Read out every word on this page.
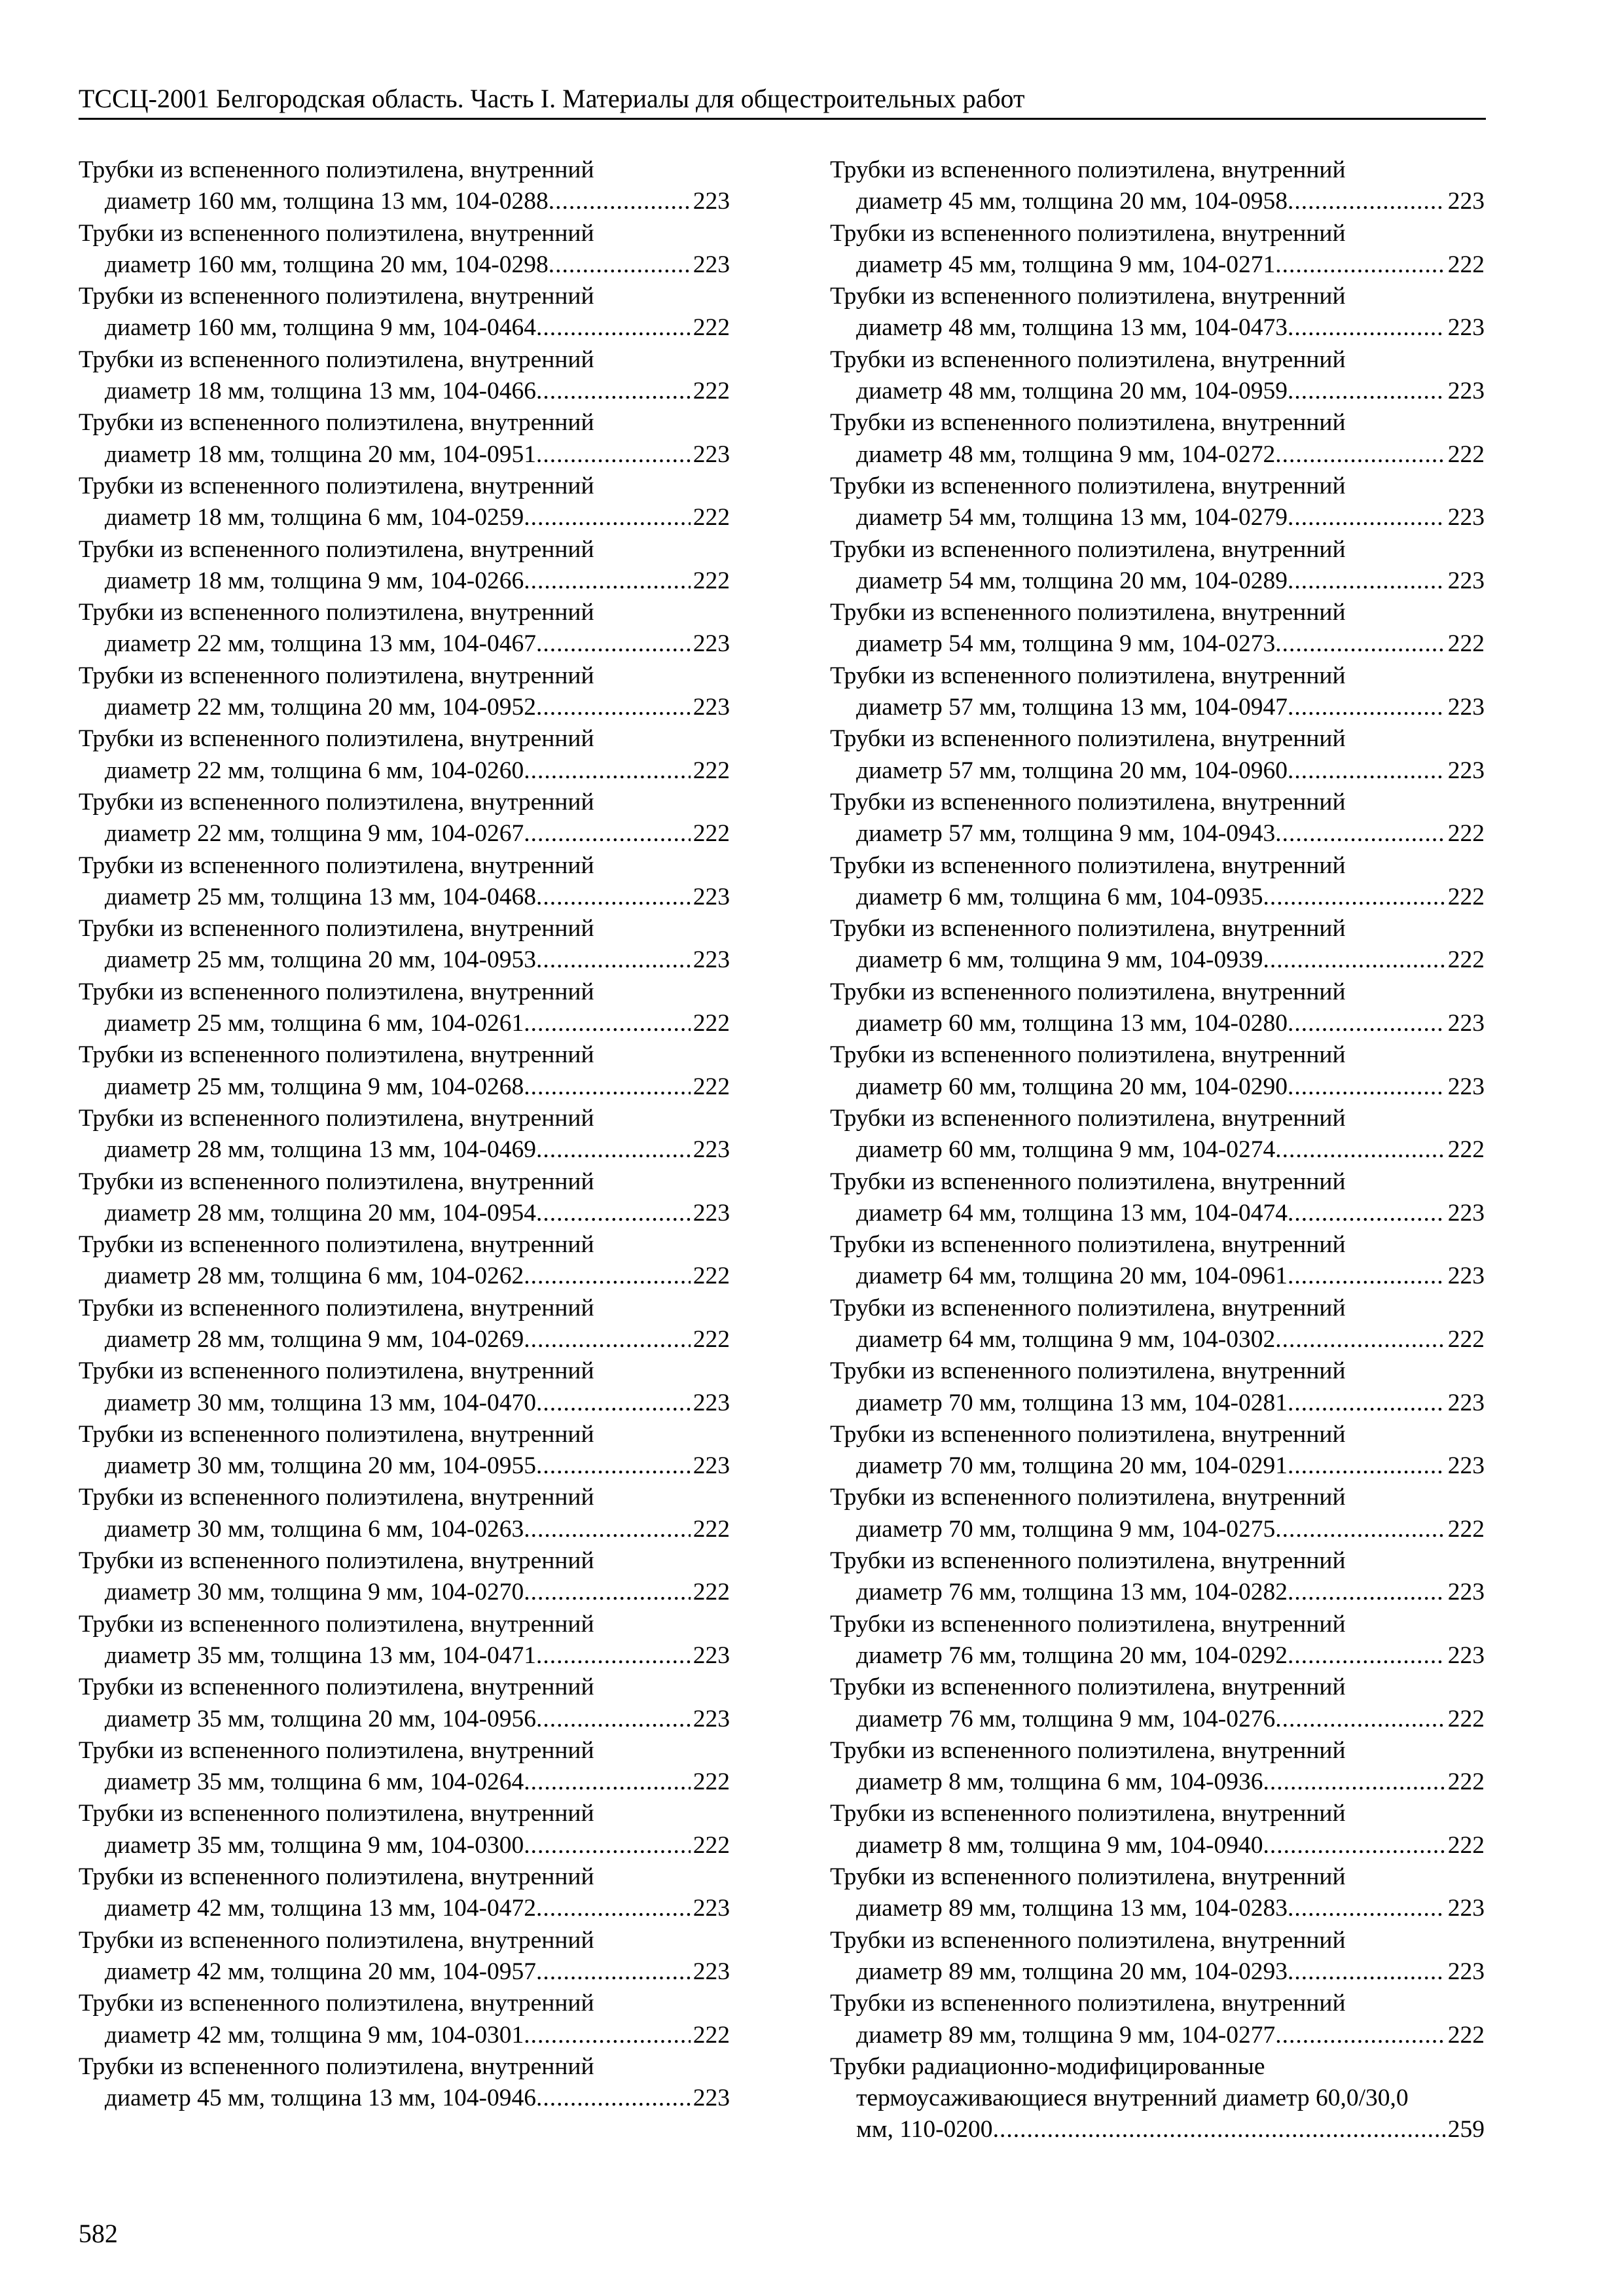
ТССЦ-2001 Белгородская область. Часть I. Материалы для общестроительных работ
Трубки из вспененного полиэтилена, внутренний
диаметр 160 мм, толщина 13 мм, 104-0288 .....	223
Трубки из вспененного полиэтилена, внутренний
диаметр 160 мм, толщина 20 мм, 104-0298 .....	223
Трубки из вспененного полиэтилена, внутренний
диаметр 160 мм, толщина 9 мм, 104-0464 .....	222
Трубки из вспененного полиэтилена, внутренний
диаметр 18 мм, толщина 13 мм, 104-0466 .....	222
Трубки из вспененного полиэтилена, внутренний
диаметр 18 мм, толщина 20 мм, 104-0951 .....	223
Трубки из вспененного полиэтилена, внутренний
диаметр 18 мм, толщина 6 мм, 104-0259 .....	222
Трубки из вспененного полиэтилена, внутренний
диаметр 18 мм, толщина 9 мм, 104-0266 .....	222
Трубки из вспененного полиэтилена, внутренний
диаметр 22 мм, толщина 13 мм, 104-0467 .....	223
Трубки из вспененного полиэтилена, внутренний
диаметр 22 мм, толщина 20 мм, 104-0952 .....	223
Трубки из вспененного полиэтилена, внутренний
диаметр 22 мм, толщина 6 мм, 104-0260 .....	222
Трубки из вспененного полиэтилена, внутренний
диаметр 22 мм, толщина 9 мм, 104-0267 .....	222
Трубки из вспененного полиэтилена, внутренний
диаметр 25 мм, толщина 13 мм, 104-0468 .....	223
Трубки из вспененного полиэтилена, внутренний
диаметр 25 мм, толщина 20 мм, 104-0953 .....	223
Трубки из вспененного полиэтилена, внутренний
диаметр 25 мм, толщина 6 мм, 104-0261 .....	222
Трубки из вспененного полиэтилена, внутренний
диаметр 25 мм, толщина 9 мм, 104-0268 .....	222
Трубки из вспененного полиэтилена, внутренний
диаметр 28 мм, толщина 13 мм, 104-0469 .....	223
Трубки из вспененного полиэтилена, внутренний
диаметр 28 мм, толщина 20 мм, 104-0954 .....	223
Трубки из вспененного полиэтилена, внутренний
диаметр 28 мм, толщина 6 мм, 104-0262 .....	222
Трубки из вспененного полиэтилена, внутренний
диаметр 28 мм, толщина 9 мм, 104-0269 .....	222
Трубки из вспененного полиэтилена, внутренний
диаметр 30 мм, толщина 13 мм, 104-0470 .....	223
Трубки из вспененного полиэтилена, внутренний
диаметр 30 мм, толщина 20 мм, 104-0955 .....	223
Трубки из вспененного полиэтилена, внутренний
диаметр 30 мм, толщина 6 мм, 104-0263 .....	222
Трубки из вспененного полиэтилена, внутренний
диаметр 30 мм, толщина 9 мм, 104-0270 .....	222
Трубки из вспененного полиэтилена, внутренний
диаметр 35 мм, толщина 13 мм, 104-0471 .....	223
Трубки из вспененного полиэтилена, внутренний
диаметр 35 мм, толщина 20 мм, 104-0956 .....	223
Трубки из вспененного полиэтилена, внутренний
диаметр 35 мм, толщина 6 мм, 104-0264 .....	222
Трубки из вспененного полиэтилена, внутренний
диаметр 35 мм, толщина 9 мм, 104-0300 .....	222
Трубки из вспененного полиэтилена, внутренний
диаметр 42 мм, толщина 13 мм, 104-0472 .....	223
Трубки из вспененного полиэтилена, внутренний
диаметр 42 мм, толщина 20 мм, 104-0957 .....	223
Трубки из вспененного полиэтилена, внутренний
диаметр 42 мм, толщина 9 мм, 104-0301 .....	222
Трубки из вспененного полиэтилена, внутренний
диаметр 45 мм, толщина 13 мм, 104-0946 .....	223
Трубки из вспененного полиэтилена, внутренний
диаметр 45 мм, толщина 20 мм, 104-0958 .....	223
Трубки из вспененного полиэтилена, внутренний
диаметр 45 мм, толщина 9 мм, 104-0271 .....	222
Трубки из вспененного полиэтилена, внутренний
диаметр 48 мм, толщина 13 мм, 104-0473 .....	223
Трубки из вспененного полиэтилена, внутренний
диаметр 48 мм, толщина 20 мм, 104-0959 .....	223
Трубки из вспененного полиэтилена, внутренний
диаметр 48 мм, толщина 9 мм, 104-0272 .....	222
Трубки из вспененного полиэтилена, внутренний
диаметр 54 мм, толщина 13 мм, 104-0279 .....	223
Трубки из вспененного полиэтилена, внутренний
диаметр 54 мм, толщина 20 мм, 104-0289 .....	223
Трубки из вспененного полиэтилена, внутренний
диаметр 54 мм, толщина 9 мм, 104-0273 .....	222
Трубки из вспененного полиэтилена, внутренний
диаметр 57 мм, толщина 13 мм, 104-0947 .....	223
Трубки из вспененного полиэтилена, внутренний
диаметр 57 мм, толщина 20 мм, 104-0960 .....	223
Трубки из вспененного полиэтилена, внутренний
диаметр 57 мм, толщина 9 мм, 104-0943 .....	222
Трубки из вспененного полиэтилена, внутренний
диаметр 6 мм, толщина 6 мм, 104-0935 .....	222
Трубки из вспененного полиэтилена, внутренний
диаметр 6 мм, толщина 9 мм, 104-0939 .....	222
Трубки из вспененного полиэтилена, внутренний
диаметр 60 мм, толщина 13 мм, 104-0280 .....	223
Трубки из вспененного полиэтилена, внутренний
диаметр 60 мм, толщина 20 мм, 104-0290 .....	223
Трубки из вспененного полиэтилена, внутренний
диаметр 60 мм, толщина 9 мм, 104-0274 .....	222
Трубки из вспененного полиэтилена, внутренний
диаметр 64 мм, толщина 13 мм, 104-0474 .....	223
Трубки из вспененного полиэтилена, внутренний
диаметр 64 мм, толщина 20 мм, 104-0961 .....	223
Трубки из вспененного полиэтилена, внутренний
диаметр 64 мм, толщина 9 мм, 104-0302 .....	222
Трубки из вспененного полиэтилена, внутренний
диаметр 70 мм, толщина 13 мм, 104-0281 .....	223
Трубки из вспененного полиэтилена, внутренний
диаметр 70 мм, толщина 20 мм, 104-0291 .....	223
Трубки из вспененного полиэтилена, внутренний
диаметр 70 мм, толщина 9 мм, 104-0275 .....	222
Трубки из вспененного полиэтилена, внутренний
диаметр 76 мм, толщина 13 мм, 104-0282 .....	223
Трубки из вспененного полиэтилена, внутренний
диаметр 76 мм, толщина 20 мм, 104-0292 .....	223
Трубки из вспененного полиэтилена, внутренний
диаметр 76 мм, толщина 9 мм, 104-0276 .....	222
Трубки из вспененного полиэтилена, внутренний
диаметр 8 мм, толщина 6 мм, 104-0936 .....	222
Трубки из вспененного полиэтилена, внутренний
диаметр 8 мм, толщина 9 мм, 104-0940 .....	222
Трубки из вспененного полиэтилена, внутренний
диаметр 89 мм, толщина 13 мм, 104-0283 .....	223
Трубки из вспененного полиэтилена, внутренний
диаметр 89 мм, толщина 20 мм, 104-0293 .....	223
Трубки из вспененного полиэтилена, внутренний
диаметр 89 мм, толщина 9 мм, 104-0277 .....	222
Трубки радиационно-модифицированные
термоусаживающиеся внутренний диаметр 60,0/30,0
мм, 110-0200 .....	259
582
